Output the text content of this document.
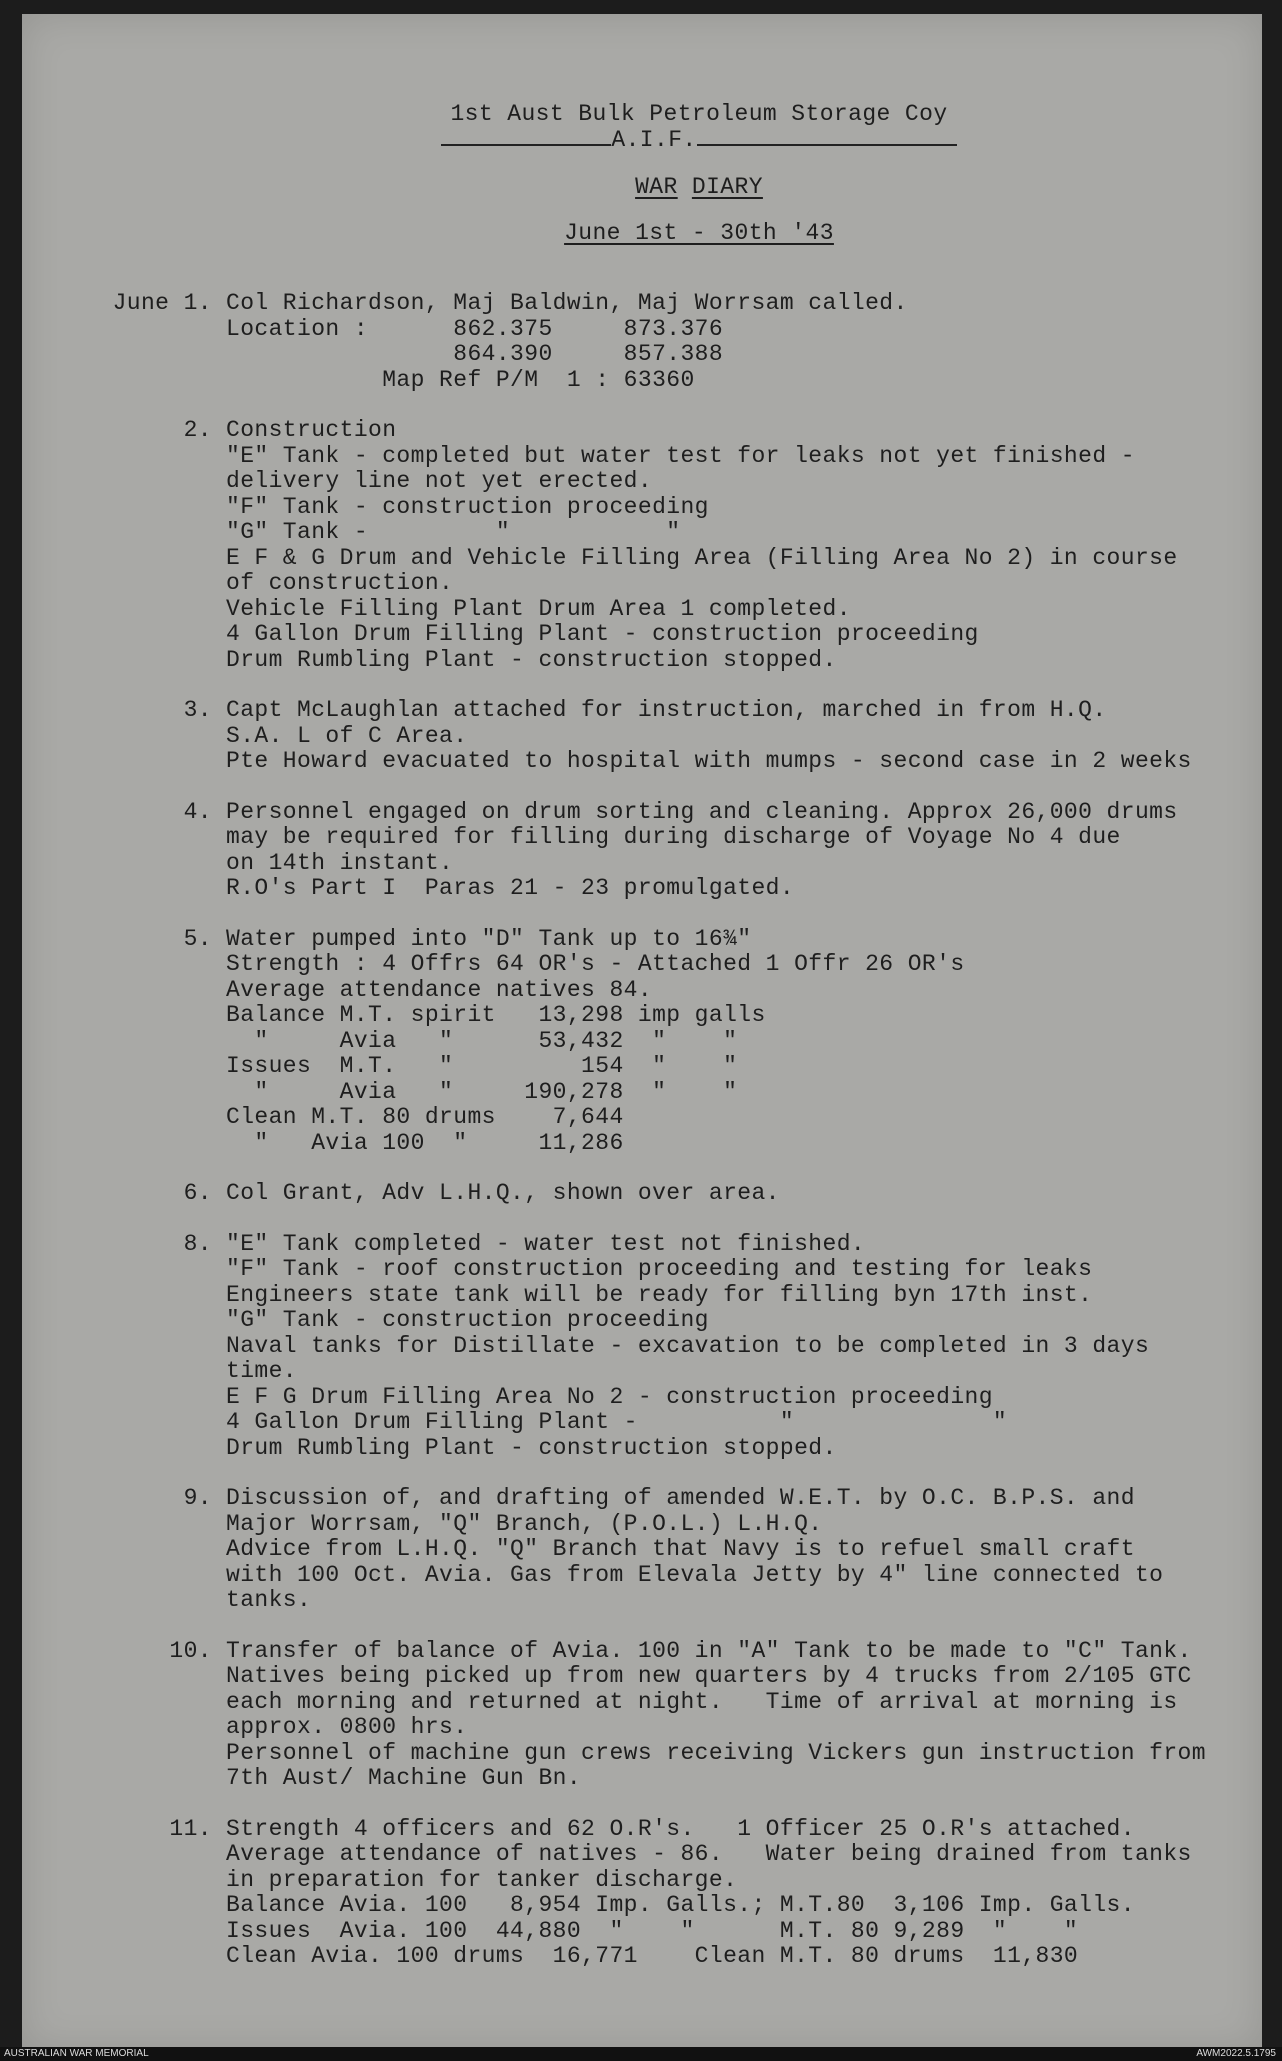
1st Aust Bulk Petroleum Storage Coy
A.I.F.
WAR DIARY
June 1st - 30th '43
June 1. Col Richardson, Maj Baldwin, Maj Worrsam called.
Location :      862.375     873.376
864.390     857.388
Map Ref P/M  1 : 63360
2. Construction
"E" Tank - completed but water test for leaks not yet finished -
delivery line not yet erected.
"F" Tank - construction proceeding
"G" Tank -         "           "
E F & G Drum and Vehicle Filling Area (Filling Area No 2) in course
of construction.
Vehicle Filling Plant Drum Area 1 completed.
4 Gallon Drum Filling Plant - construction proceeding
Drum Rumbling Plant - construction stopped.
3. Capt McLaughlan attached for instruction, marched in from H.Q.
S.A. L of C Area.
Pte Howard evacuated to hospital with mumps - second case in 2 weeks
4. Personnel engaged on drum sorting and cleaning. Approx 26,000 drums
may be required for filling during discharge of Voyage No 4 due
on 14th instant.
R.O's Part I  Paras 21 - 23 promulgated.
5. Water pumped into "D" Tank up to 16¾"
Strength : 4 Offrs 64 OR's - Attached 1 Offr 26 OR's
Average attendance natives 84.
Balance M.T. spirit   13,298 imp galls
"     Avia   "      53,432  "    "
Issues  M.T.   "         154  "    "
"     Avia   "     190,278  "    "
Clean M.T. 80 drums    7,644
"   Avia 100  "     11,286
6. Col Grant, Adv L.H.Q., shown over area.
8. "E" Tank completed - water test not finished.
"F" Tank - roof construction proceeding and testing for leaks
Engineers state tank will be ready for filling byn 17th inst.
"G" Tank - construction proceeding
Naval tanks for Distillate - excavation to be completed in 3 days
time.
E F G Drum Filling Area No 2 - construction proceeding
4 Gallon Drum Filling Plant -          "              "
Drum Rumbling Plant - construction stopped.
9. Discussion of, and drafting of amended W.E.T. by O.C. B.P.S. and
Major Worrsam, "Q" Branch, (P.O.L.) L.H.Q.
Advice from L.H.Q. "Q" Branch that Navy is to refuel small craft
with 100 Oct. Avia. Gas from Elevala Jetty by 4" line connected to
tanks.
10. Transfer of balance of Avia. 100 in "A" Tank to be made to "C" Tank.
Natives being picked up from new quarters by 4 trucks from 2/105 GTC
each morning and returned at night.   Time of arrival at morning is
approx. 0800 hrs.
Personnel of machine gun crews receiving Vickers gun instruction from
7th Aust/ Machine Gun Bn.
11. Strength 4 officers and 62 O.R's.   1 Officer 25 O.R's attached.
Average attendance of natives - 86.   Water being drained from tanks
in preparation for tanker discharge.
Balance Avia. 100   8,954 Imp. Galls.; M.T.80  3,106 Imp. Galls.
Issues  Avia. 100  44,880  "    "      M.T. 80 9,289  "    "
Clean Avia. 100 drums  16,771    Clean M.T. 80 drums  11,830
AUSTRALIAN WAR MEMORIAL	AWM2022.5.1795
